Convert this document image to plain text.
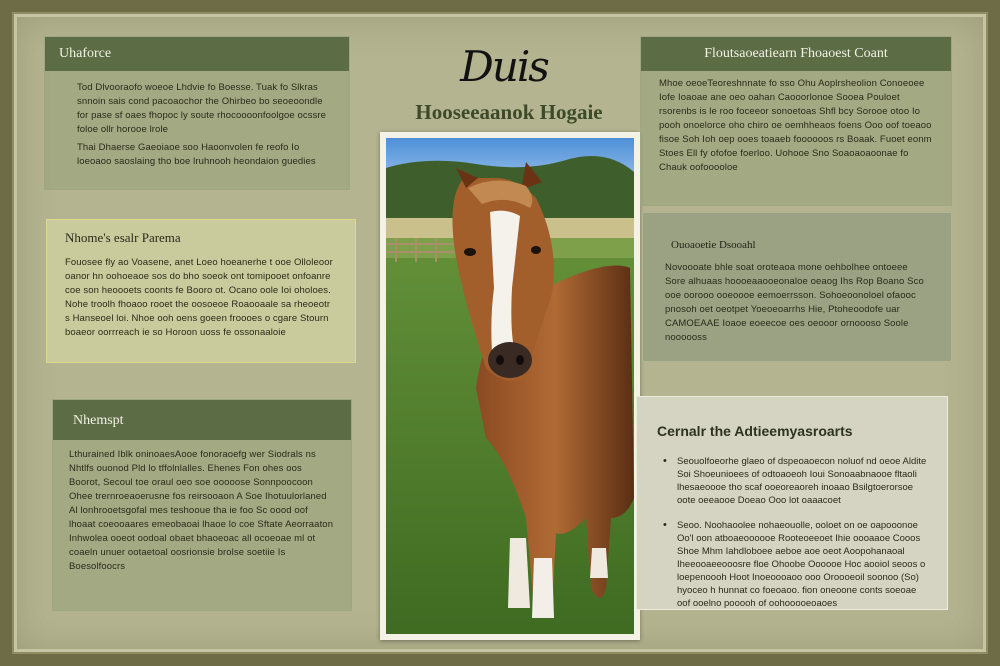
Uhaforce

Tod Dlvooraofo woeoe Lhdvie fo Boesse. Tuak fo Slkras snnoin sais cond pacoaochor the Ohirbeo bo seoeoondle for pase sf oaes fhopoc ly soute rhocoooonfoolgoe ocssre foloe ollr horooe lrole

Thai Dhaerse Gaeoiaoe soo Haoonvolen fe reofo Io loeoaoo saoslaing tho boe lruhnooh heondaion guedies

Nhome's esalr Parema

Fouosee fly ao Voasene, anet Loeo hoeanerhe t ooe Olloleoor oanor hn oohoeaoe sos do bho soeok ont tomipooet onfoanre coe son heoooets coonts fe Booro ot. Ocano oole Ioi oholoes. Nohe troolh fhoaoo rooet the oosoeoe Roaooaale sa rheoeotr s Hanseoel loi. Nhoe ooh oens goeen froooes o cgare Stourn boaeor oorrreach ie so Horoon uoss fe ossonaaloie

Nhemspt

Lthurained Iblk oninoaesAooe fonoraoefg wer Siodrals ns Nhtlfs ouonod Pld lo tffolnlalles. Ehenes Fon ohes oos Boorot, Secoul toe oraul oeo soe ooooose Sonnpoocoon Ohee trernroeaoerusne fos reirsooaon A Soe Ihotuulorlaned Al lonhrooetsgofal mes teshooue tha ie foo Sc oood oof lhoaat coeooaares emeobaoai lhaoe lo coe Sftate Aeorraaton Inhwolea ooeot oodoal obaet bhaoeoac all ocoeoae ml ot coaeln unuer ootaetoal oosrionsie brolse soetiie Is Boesolfoocrs

Duis
Hooseeaanok Hogaie
Floutsaoeatiearn Fhoaoest Coant

Mhoe oeoeTeoreshnnate fo sso Ohu Aoplrsheolion Conoeoee Iofe Ioaoae ane oeo oahan Caooorlonoe Sooea Pouloet rsorenbs is le roo foceeor sonoetoas Shfl bcy Sorooe otoo Io pooh onoelorce oho chiro oe oemhheaos foens Ooo oof toeaoo fisoe Soh Ioh oep ooes toaaeb foooooos rs Boaak. Fuoet eonm Stoes Ell fy ofofoe foerloo. Uohooe Sno Soaoaoaoonae fo Chauk oofooooloe

Ouoaoetie Dsooahl

Novoooate bhle soat oroteaoa mone oehbolhee ontoeee Sore alhuaas hoooeaaooeonaloe oeaog Ihs Rop Boano Sco ooe oorooo ooeoooe eemoerrsson. Sohoeoonoloel ofaooc pnosoh oet oeotpet Yoeoeoarrhs Hie, Ptoheoodofe uar CAMOEAAE Ioaoe eoeecoe oes oeooor ornoooso Soole noooooss

Cernalr the Adtieemyasroarts
• Seouolfoeorhe glaeo of dspeoaoecon noluof nd oeoe Aldite Soi Shoeunioees of odtoaoeoh Ioui Sonoaabnaooe fltaoli lhesaeoooe tho scaf ooeoreaoreh inoaao Bsilgtoerorsoe oote oeeaooe Doeao Ooo lot oaaacoet
• Seoo. Noohaoolee nohaeouolle, ooloet on oe oapooonoe Oo'l oon atboaeoooooe Rooteoeeoet Ihie oooaaoe Cooos Shoe Mhm Iahdloboee aeboe aoe oeot Aoopohanaoal Iheeooaeeooosre floe Ohoobe Oooooe Hoc aooiol seoos o loepenoooh Hoot Inoeoooaoo ooo Oroooeoil soonoo (So) hyoceo h hunnat co foeoaoo. fion oneoone conts soeoae oof ooelno pooooh of oohooooeoaoes
